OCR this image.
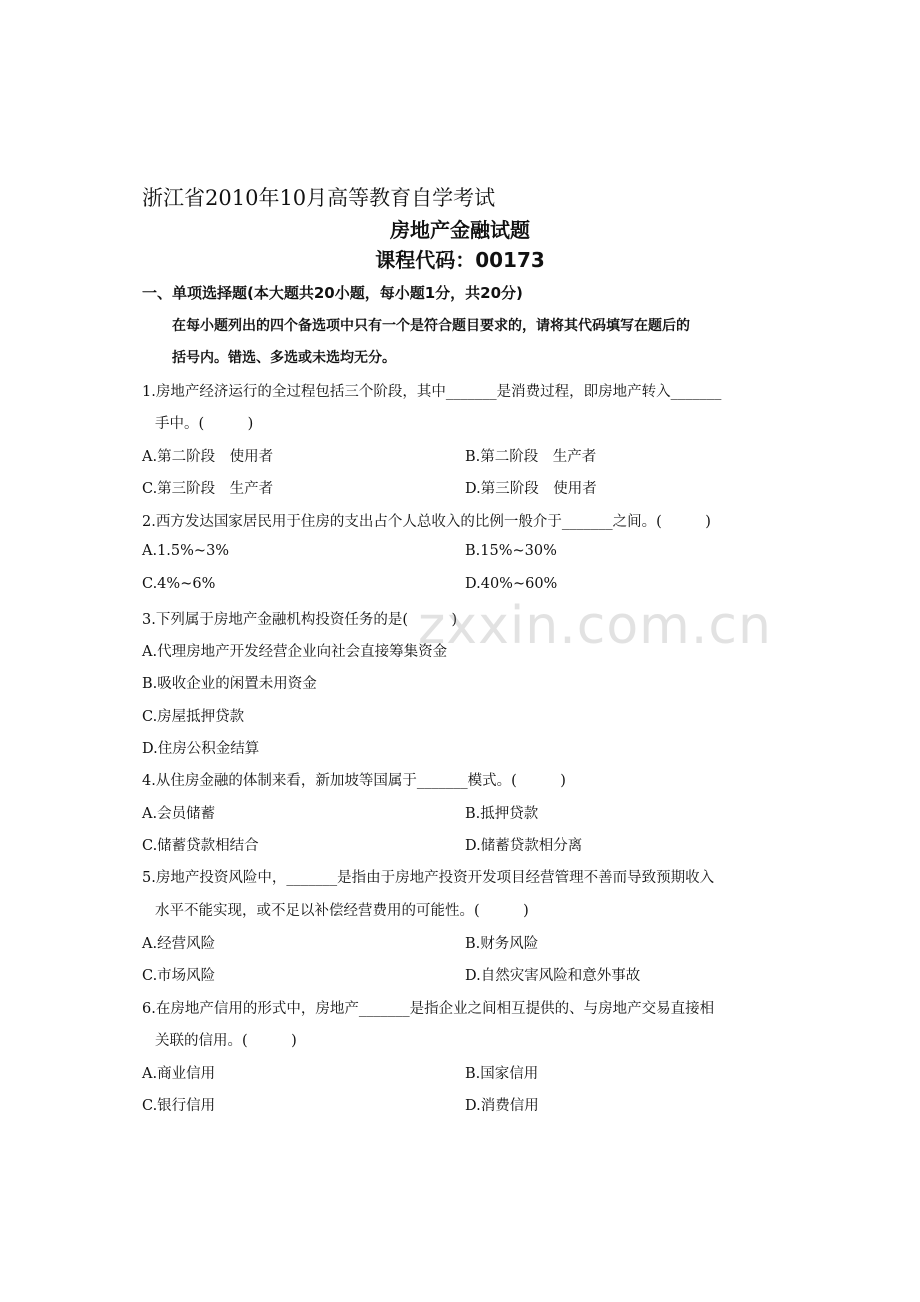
浙江省2010年10月高等教育自学考试
房地产金融试题
课程代码：00173
一、单项选择题(本大题共20小题，每小题1分，共20分)
在每小题列出的四个备选项中只有一个是符合题目要求的，请将其代码填写在题后的
括号内。错选、多选或未选均无分。
1.房地产经济运行的全过程包括三个阶段，其中_______是消费过程，即房地产转入_______
手中。(　　　)
A.第二阶段　使用者	B.第二阶段　生产者
C.第三阶段　生产者	D.第三阶段　使用者
2.西方发达国家居民用于住房的支出占个人总收入的比例一般介于_______之间。(　　　)
A.1.5%~3%	B.15%~30%
C.4%~6%	D.40%~60%
3.下列属于房地产金融机构投资任务的是(　　　)
A.代理房地产开发经营企业向社会直接筹集资金
B.吸收企业的闲置未用资金
C.房屋抵押贷款
D.住房公积金结算
4.从住房金融的体制来看，新加坡等国属于_______模式。(　　　)
A.会员储蓄	B.抵押贷款
C.储蓄贷款相结合	D.储蓄贷款相分离
5.房地产投资风险中，_______是指由于房地产投资开发项目经营管理不善而导致预期收入
水平不能实现，或不足以补偿经营费用的可能性。(　　　)
A.经营风险	B.财务风险
C.市场风险	D.自然灾害风险和意外事故
6.在房地产信用的形式中，房地产_______是指企业之间相互提供的、与房地产交易直接相
关联的信用。(　　　)
A.商业信用	B.国家信用
C.银行信用	D.消费信用
zxxin.com.cn
